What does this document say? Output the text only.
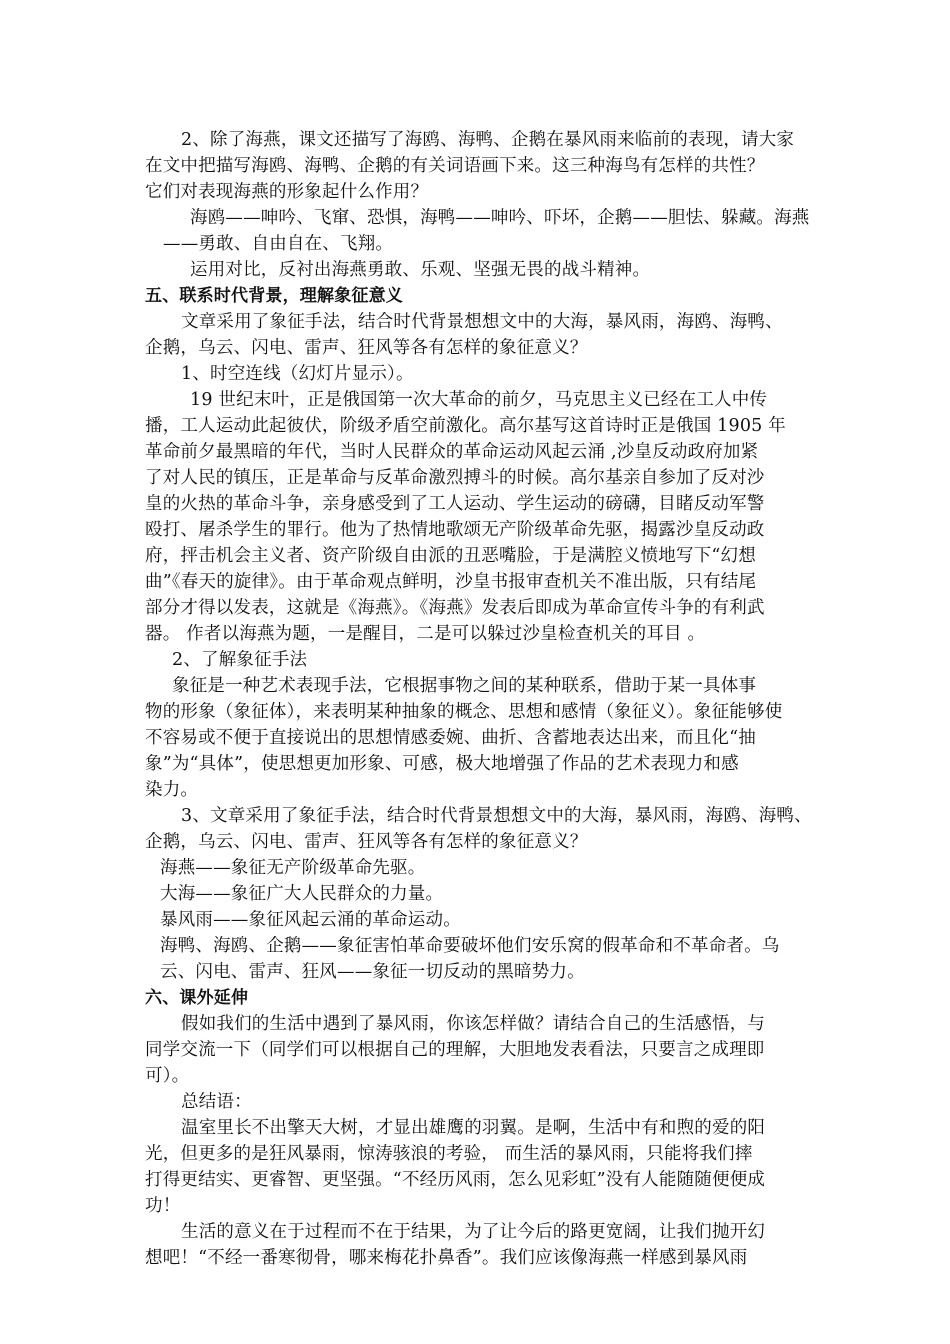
2、除了海燕，课文还描写了海鸥、海鸭、企鹅在暴风雨来临前的表现，请大家
在文中把描写海鸥、海鸭、企鹅的有关词语画下来。这三种海鸟有怎样的共性？
它们对表现海燕的形象起什么作用？
海鸥——呻吟、飞窜、恐惧，海鸭——呻吟、吓坏，企鹅——胆怯、躲藏。海燕
——勇敢、自由自在、飞翔。
运用对比，反衬出海燕勇敢、乐观、坚强无畏的战斗精神。
五、联系时代背景，理解象征意义
文章采用了象征手法，结合时代背景想想文中的大海，暴风雨，海鸥、海鸭、
企鹅，乌云、闪电、雷声、狂风等各有怎样的象征意义？
1、时空连线（幻灯片显示）。
19 世纪末叶，正是俄国第一次大革命的前夕，马克思主义已经在工人中传
播，工人运动此起彼伏，阶级矛盾空前激化。高尔基写这首诗时正是俄国 1905 年
革命前夕最黑暗的年代，当时人民群众的革命运动风起云涌 ,沙皇反动政府加紧
了对人民的镇压，正是革命与反革命激烈搏斗的时候。高尔基亲自参加了反对沙
皇的火热的革命斗争，亲身感受到了工人运动、学生运动的磅礴，目睹反动军警
殴打、屠杀学生的罪行。他为了热情地歌颂无产阶级革命先驱，揭露沙皇反动政
府，抨击机会主义者、资产阶级自由派的丑恶嘴脸，于是满腔义愤地写下“幻想
曲”《春天的旋律》。由于革命观点鲜明，沙皇书报审查机关不准出版，只有结尾
部分才得以发表，这就是《海燕》。《海燕》发表后即成为革命宣传斗争的有利武
器。 作者以海燕为题，一是醒目，二是可以躲过沙皇检查机关的耳目 。
2、了解象征手法
象征是一种艺术表现手法，它根据事物之间的某种联系，借助于某一具体事
物的形象（象征体），来表明某种抽象的概念、思想和感情（象征义）。象征能够使
不容易或不便于直接说出的思想情感委婉、曲折、含蓄地表达出来，而且化“抽
象”为“具体”，使思想更加形象、可感，极大地增强了作品的艺术表现力和感
染力。
3、文章采用了象征手法，结合时代背景想想文中的大海，暴风雨，海鸥、海鸭、
企鹅，乌云、闪电、雷声、狂风等各有怎样的象征意义？
海燕——象征无产阶级革命先驱。
大海——象征广大人民群众的力量。
暴风雨——象征风起云涌的革命运动。
海鸭、海鸥、企鹅——象征害怕革命要破坏他们安乐窝的假革命和不革命者。乌
云、闪电、雷声、狂风——象征一切反动的黑暗势力。
六、课外延伸
假如我们的生活中遇到了暴风雨，你该怎样做？请结合自己的生活感悟，与
同学交流一下（同学们可以根据自己的理解，大胆地发表看法，只要言之成理即
可）。
总结语：
温室里长不出擎天大树，才显出雄鹰的羽翼。是啊，生活中有和煦的爱的阳
光，但更多的是狂风暴雨，惊涛骇浪的考验， 而生活的暴风雨，只能将我们摔
打得更结实、更睿智、更坚强。“不经历风雨，怎么见彩虹”没有人能随随便便成
功！
生活的意义在于过程而不在于结果，为了让今后的路更宽阔，让我们抛开幻
想吧！“不经一番寒彻骨，哪来梅花扑鼻香”。我们应该像海燕一样感到暴风雨
